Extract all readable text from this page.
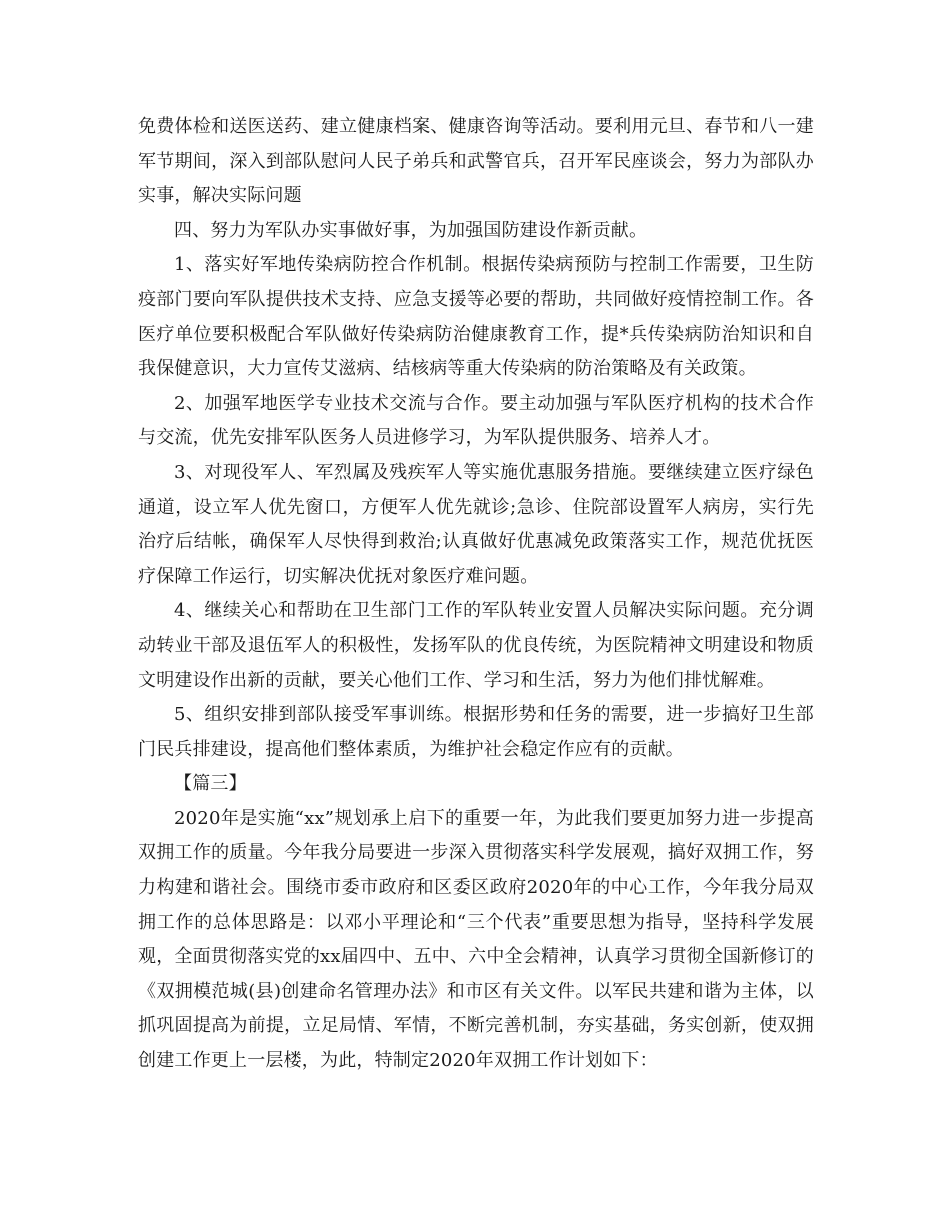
免费体检和送医送药、建立健康档案、健康咨询等活动。要利用元旦、春节和八一建军节期间，深入到部队慰问人民子弟兵和武警官兵，召开军民座谈会，努力为部队办实事，解决实际问题

四、努力为军队办实事做好事，为加强国防建设作新贡献。

1、落实好军地传染病防控合作机制。根据传染病预防与控制工作需要，卫生防疫部门要向军队提供技术支持、应急支援等必要的帮助，共同做好疫情控制工作。各医疗单位要积极配合军队做好传染病防治健康教育工作，提*兵传染病防治知识和自我保健意识，大力宣传艾滋病、结核病等重大传染病的防治策略及有关政策。

2、加强军地医学专业技术交流与合作。要主动加强与军队医疗机构的技术合作与交流，优先安排军队医务人员进修学习，为军队提供服务、培养人才。

3、对现役军人、军烈属及残疾军人等实施优惠服务措施。要继续建立医疗绿色通道，设立军人优先窗口，方便军人优先就诊;急诊、住院部设置军人病房，实行先治疗后结帐，确保军人尽快得到救治;认真做好优惠减免政策落实工作，规范优抚医疗保障工作运行，切实解决优抚对象医疗难问题。

4、继续关心和帮助在卫生部门工作的军队转业安置人员解决实际问题。充分调动转业干部及退伍军人的积极性，发扬军队的优良传统，为医院精神文明建设和物质文明建设作出新的贡献，要关心他们工作、学习和生活，努力为他们排忧解难。

5、组织安排到部队接受军事训练。根据形势和任务的需要，进一步搞好卫生部门民兵排建设，提高他们整体素质，为维护社会稳定作应有的贡献。

【篇三】

2020年是实施“xx”规划承上启下的重要一年，为此我们要更加努力进一步提高双拥工作的质量。今年我分局要进一步深入贯彻落实科学发展观，搞好双拥工作，努力构建和谐社会。围绕市委市政府和区委区政府2020年的中心工作，今年我分局双拥工作的总体思路是：以邓小平理论和“三个代表”重要思想为指导，坚持科学发展观，全面贯彻落实党的xx届四中、五中、六中全会精神，认真学习贯彻全国新修订的《双拥模范城(县)创建命名管理办法》和市区有关文件。以军民共建和谐为主体，以抓巩固提高为前提，立足局情、军情，不断完善机制，夯实基础，务实创新，使双拥创建工作更上一层楼，为此，特制定2020年双拥工作计划如下：
